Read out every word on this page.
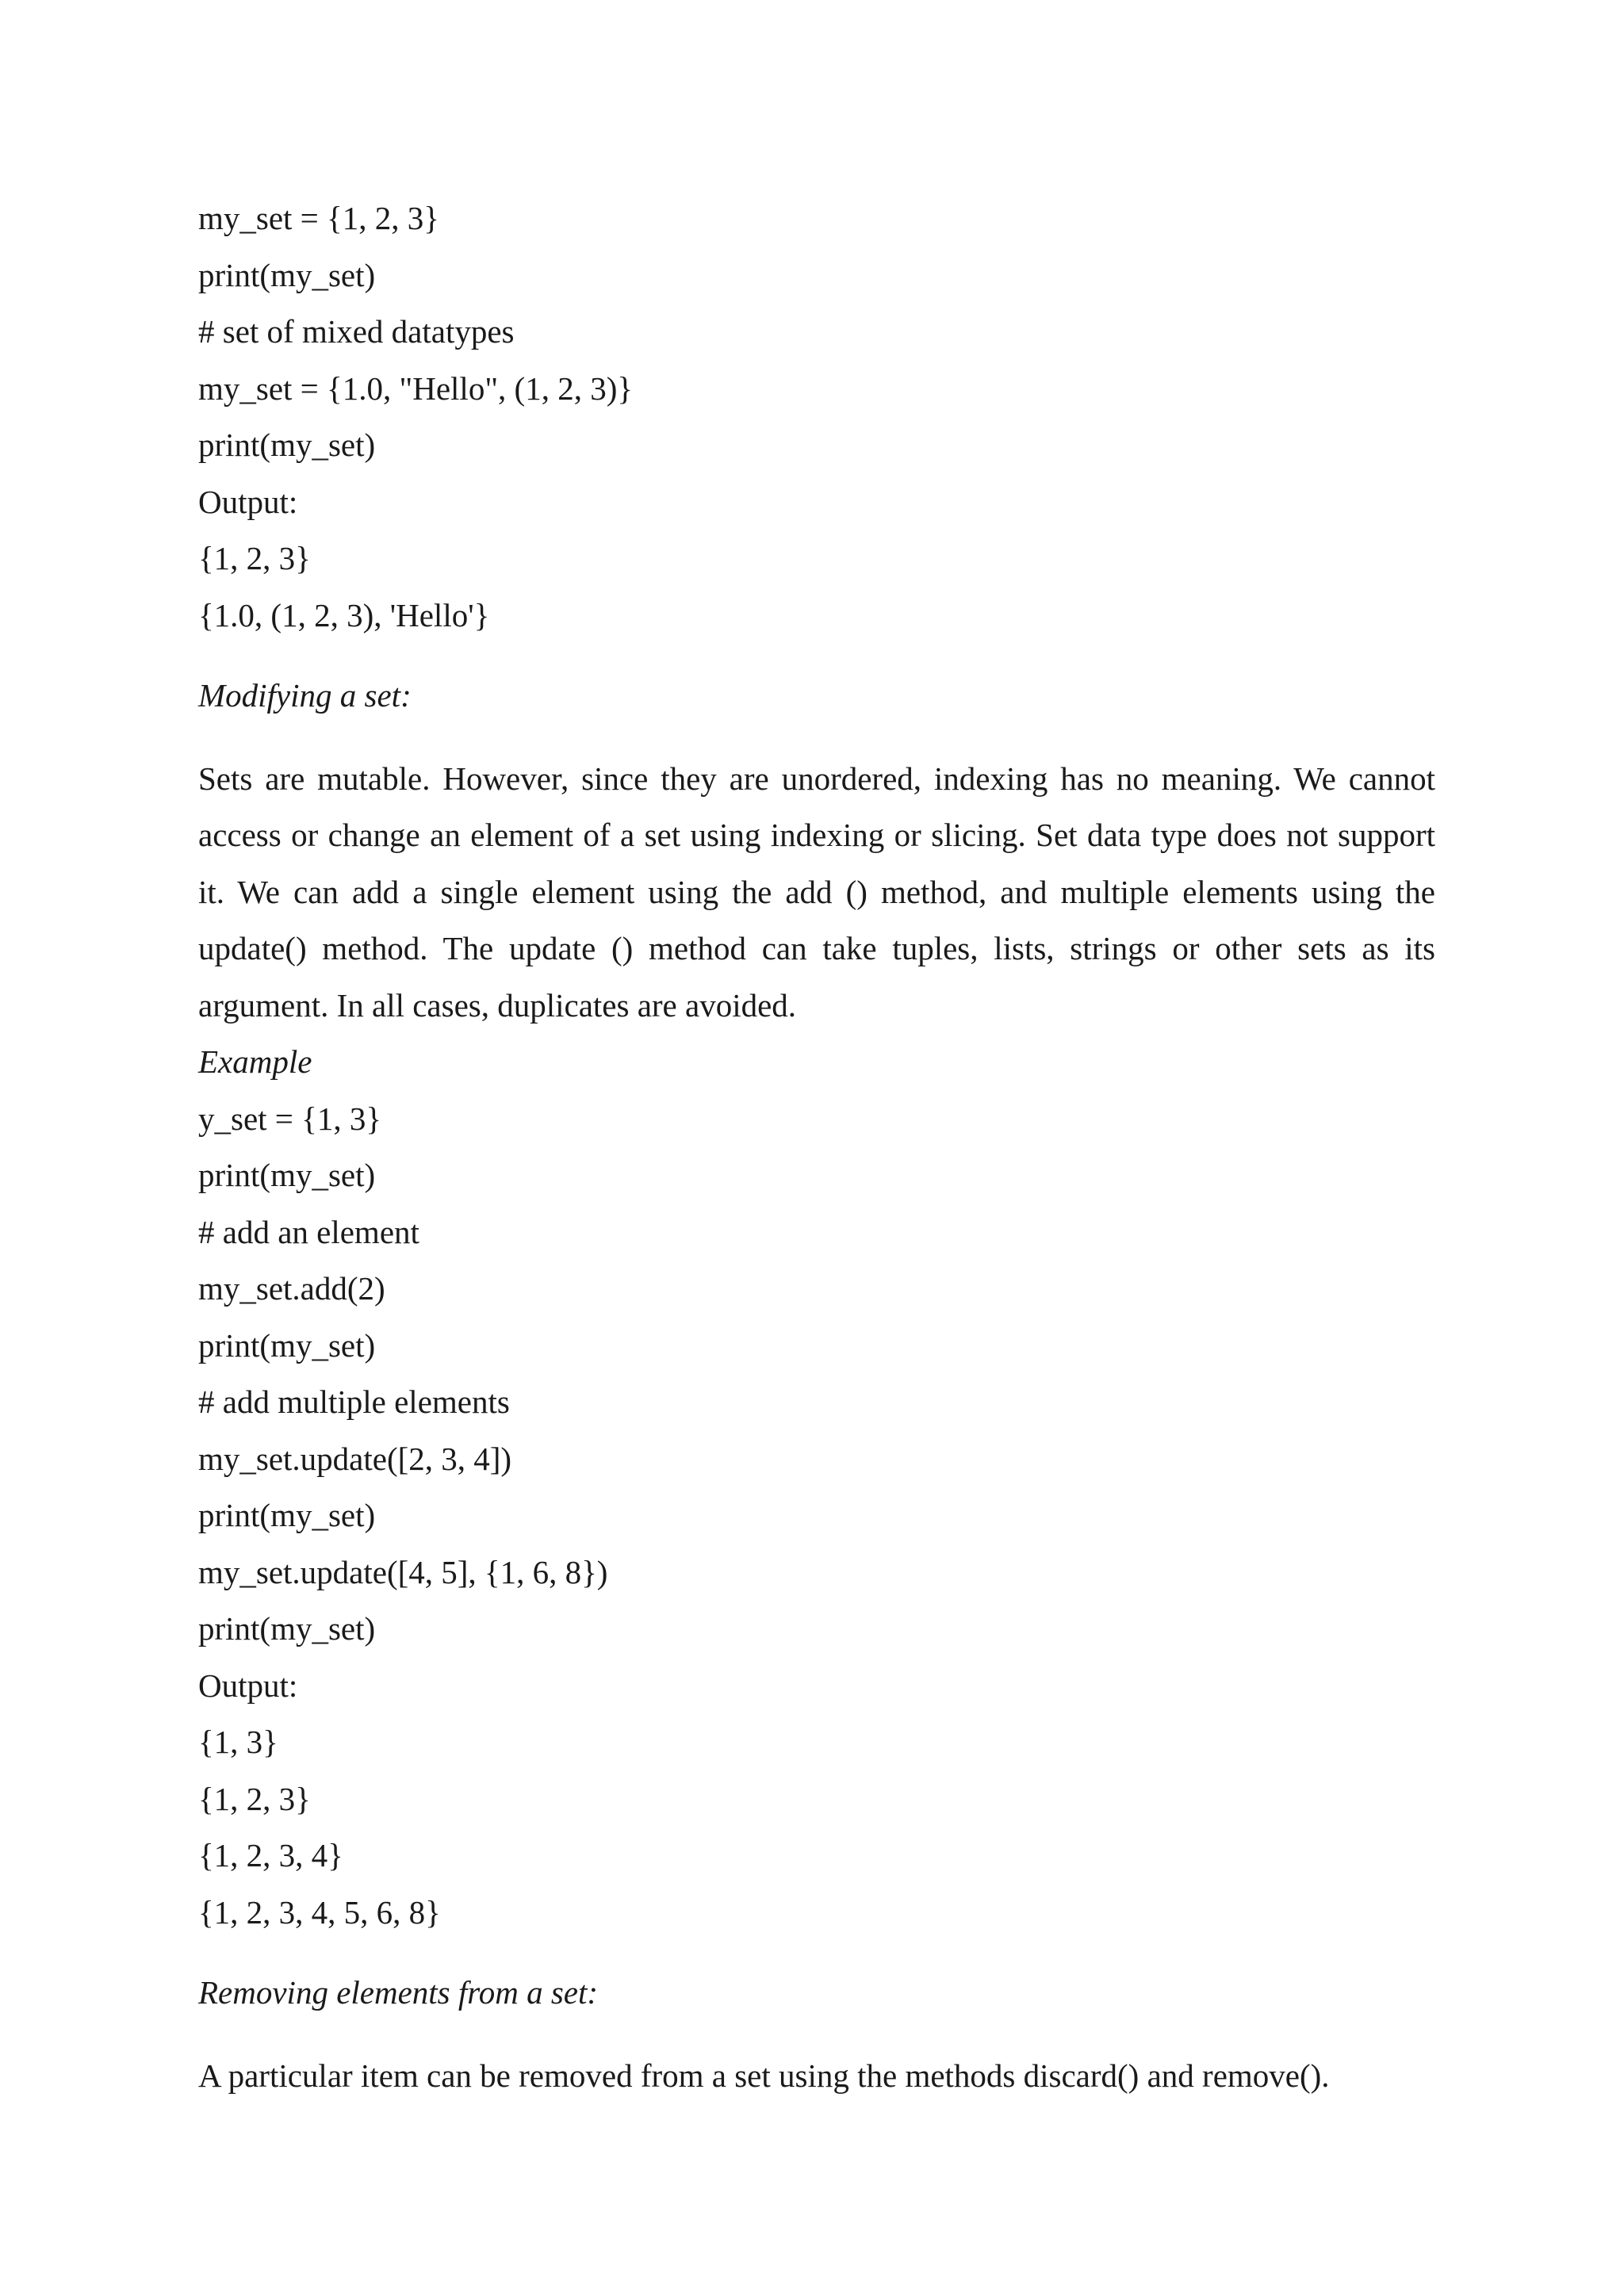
my_set = {1, 2, 3}

print(my_set)

# set of mixed datatypes

my_set = {1.0, "Hello", (1, 2, 3)}

print(my_set)

Output:

{1, 2, 3}

{1.0, (1, 2, 3), 'Hello'}

Modifying a set:

Sets are mutable. However, since they are unordered, indexing has no meaning. We cannot access or change an element of a set using indexing or slicing. Set data type does not support it. We can add a single element using the add () method, and multiple elements using the update() method. The update () method can take tuples, lists, strings or other sets as its argument. In all cases, duplicates are avoided.

Example

y_set = {1, 3}

print(my_set)

# add an element

my_set.add(2)

print(my_set)

# add multiple elements

my_set.update([2, 3, 4])

print(my_set)

my_set.update([4, 5], {1, 6, 8})

print(my_set)

Output:

{1, 3}

{1, 2, 3}

{1, 2, 3, 4}

{1, 2, 3, 4, 5, 6, 8}

Removing elements from a set:

A particular item can be removed from a set using the methods discard() and remove().
